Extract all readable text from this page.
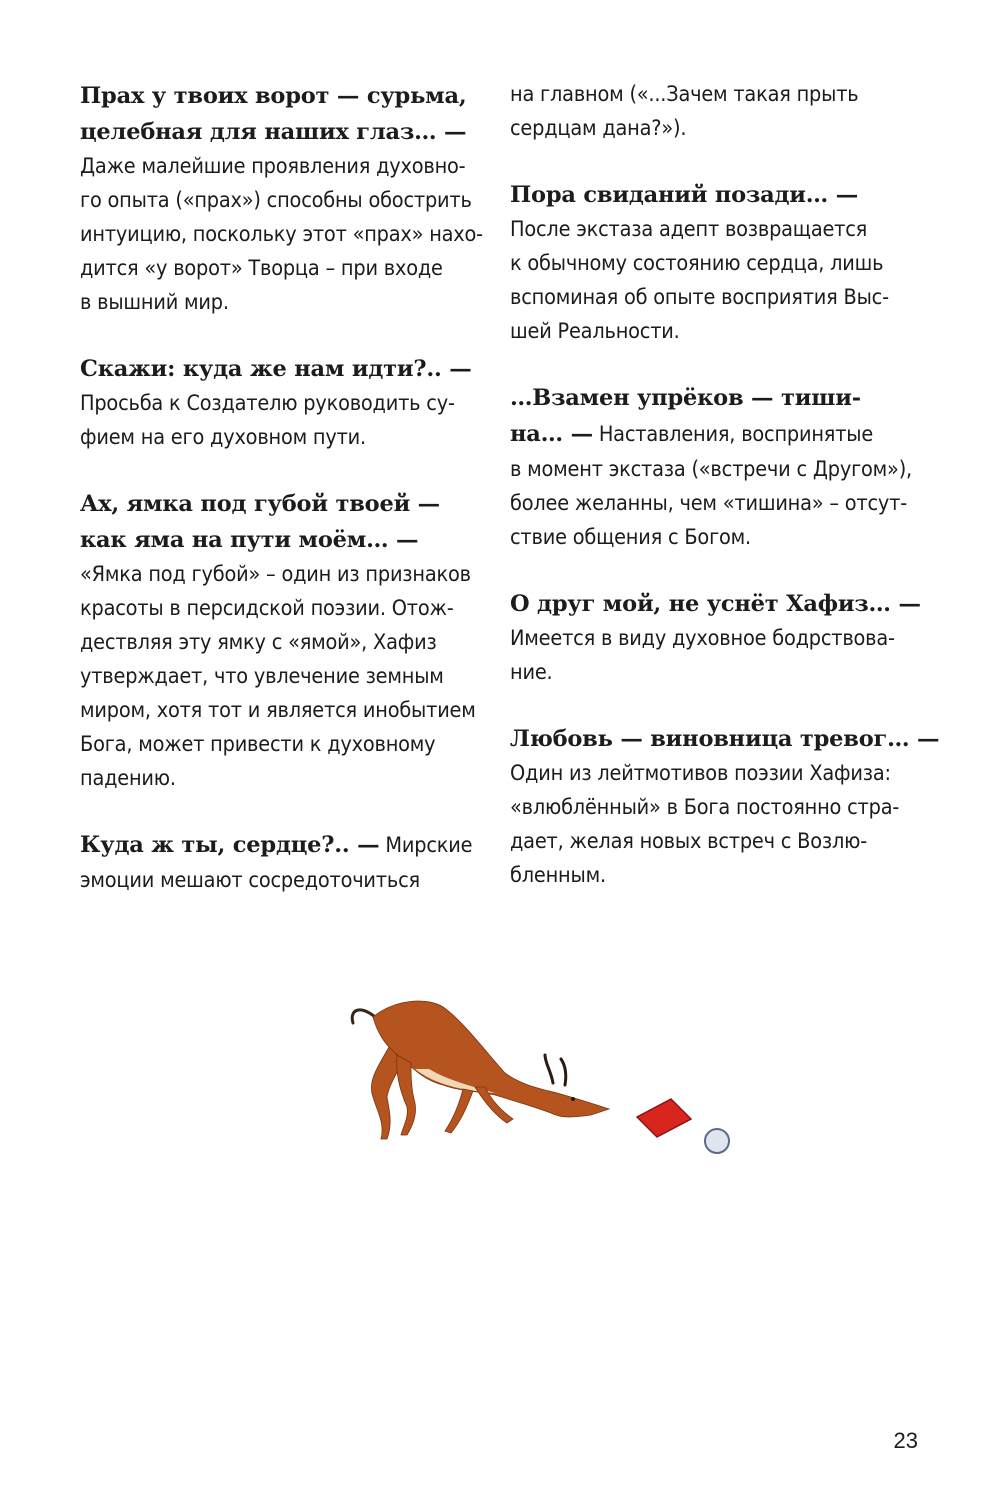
Прах у твоих ворот — сурьма,
целебная для наших глаз… —
Даже малейшие проявления духовно-
го опыта («прах») способны обострить
интуицию, поскольку этот «прах» нахо-
дится «у ворот» Творца – при входе
в вышний мир.
Скажи: куда же нам идти?.. —
Просьба к Создателю руководить су-
фием на его духовном пути.
Ах, ямка под губой твоей —
как яма на пути моём… —
«Ямка под губой» – один из признаков
красоты в персидской поэзии. Отож-
дествляя эту ямку с «ямой», Хафиз
утверждает, что увлечение земным
миром, хотя тот и является инобытием
Бога, может привести к духовному
падению.
Куда ж ты, сердце?.. — Мирские
эмоции мешают сосредоточиться
на главном («...Зачем такая прыть
сердцам дана?»).
Пора свиданий позади… —
После экстаза адепт возвращается
к обычному состоянию сердца, лишь
вспоминая об опыте восприятия Выс-
шей Реальности.
…Взамен упрёков — тиши-
на… — Наставления, воспринятые
в момент экстаза («встречи с Другом»),
более желанны, чем «тишина» – отсут-
ствие общения с Богом.
О друг мой, не уснёт Хафиз… —
Имеется в виду духовное бодрствова-
ние.
Любовь — виновница тревог… —
Один из лейтмотивов поэзии Хафиза:
«влюблённый» в Бога постоянно стра-
дает, желая новых встреч с Возлю-
бленным.
23
